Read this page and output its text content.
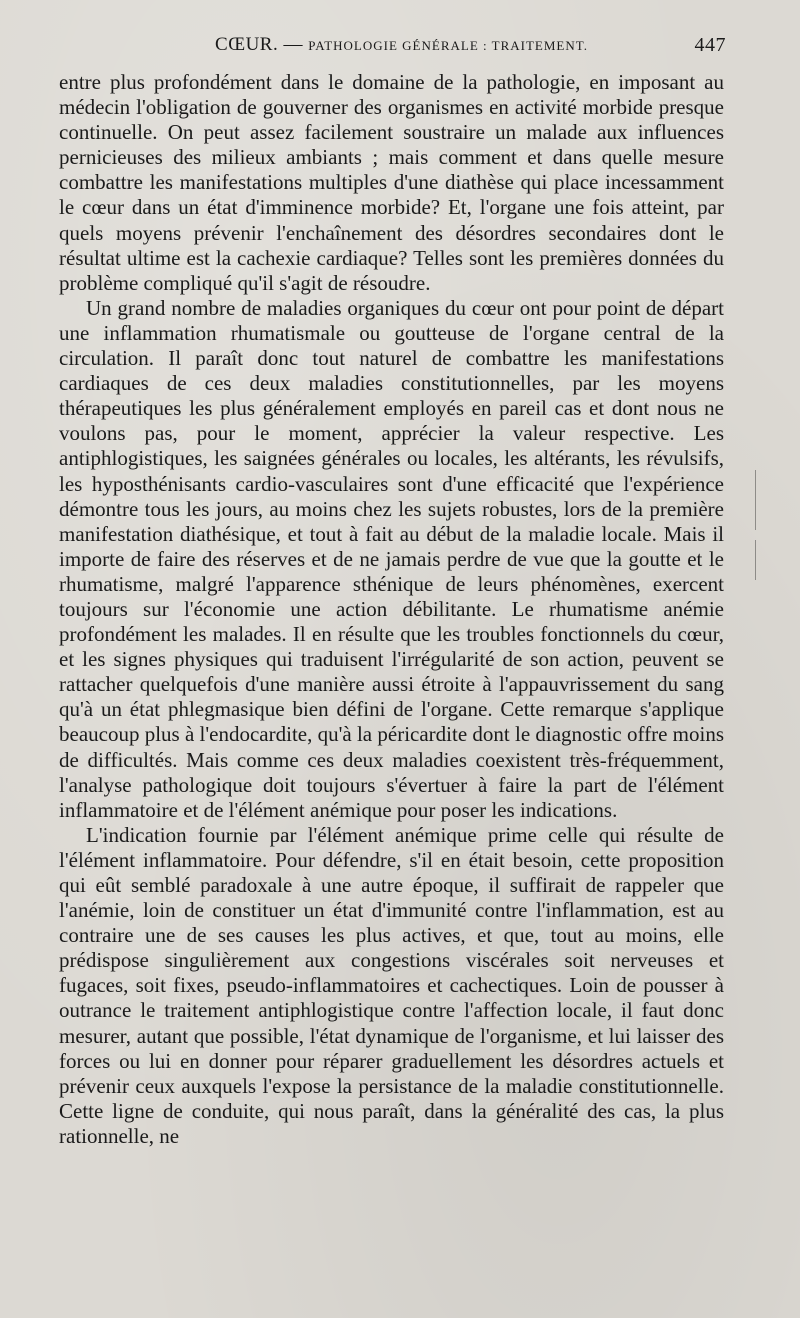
CŒUR. — PATHOLOGIE GÉNÉRALE : TRAITEMENT.	447

entre plus profondément dans le domaine de la pathologie, en imposant au médecin l'obligation de gouverner des organismes en activité morbide presque continuelle. On peut assez facilement soustraire un malade aux influences pernicieuses des milieux ambiants ; mais comment et dans quelle mesure combattre les manifestations multiples d'une diathèse qui place incessamment le cœur dans un état d'imminence morbide? Et, l'organe une fois atteint, par quels moyens prévenir l'enchaînement des désordres secondaires dont le résultat ultime est la cachexie cardiaque? Telles sont les premières données du problème compliqué qu'il s'agit de résoudre.

Un grand nombre de maladies organiques du cœur ont pour point de départ une inflammation rhumatismale ou goutteuse de l'organe central de la circulation. Il paraît donc tout naturel de combattre les manifestations cardiaques de ces deux maladies constitutionnelles, par les moyens thérapeutiques les plus généralement employés en pareil cas et dont nous ne voulons pas, pour le moment, apprécier la valeur respective. Les antiphlogistiques, les saignées générales ou locales, les altérants, les révulsifs, les hyposthénisants cardio-vasculaires sont d'une efficacité que l'expérience démontre tous les jours, au moins chez les sujets robustes, lors de la première manifestation diathésique, et tout à fait au début de la maladie locale. Mais il importe de faire des réserves et de ne jamais perdre de vue que la goutte et le rhumatisme, malgré l'apparence sthénique de leurs phénomènes, exercent toujours sur l'économie une action débilitante. Le rhumatisme anémie profondément les malades. Il en résulte que les troubles fonctionnels du cœur, et les signes physiques qui traduisent l'irrégularité de son action, peuvent se rattacher quelquefois d'une manière aussi étroite à l'appauvrissement du sang qu'à un état phlegmasique bien défini de l'organe. Cette remarque s'applique beaucoup plus à l'endocardite, qu'à la péricardite dont le diagnostic offre moins de difficultés. Mais comme ces deux maladies coexistent très-fréquemment, l'analyse pathologique doit toujours s'évertuer à faire la part de l'élément inflammatoire et de l'élément anémique pour poser les indications.

L'indication fournie par l'élément anémique prime celle qui résulte de l'élément inflammatoire. Pour défendre, s'il en était besoin, cette proposition qui eût semblé paradoxale à une autre époque, il suffirait de rappeler que l'anémie, loin de constituer un état d'immunité contre l'inflammation, est au contraire une de ses causes les plus actives, et que, tout au moins, elle prédispose singulièrement aux congestions viscérales soit nerveuses et fugaces, soit fixes, pseudo-inflammatoires et cachectiques. Loin de pousser à outrance le traitement antiphlogistique contre l'affection locale, il faut donc mesurer, autant que possible, l'état dynamique de l'organisme, et lui laisser des forces ou lui en donner pour réparer graduellement les désordres actuels et prévenir ceux auxquels l'expose la persistance de la maladie constitutionnelle. Cette ligne de conduite, qui nous paraît, dans la généralité des cas, la plus rationnelle, ne
